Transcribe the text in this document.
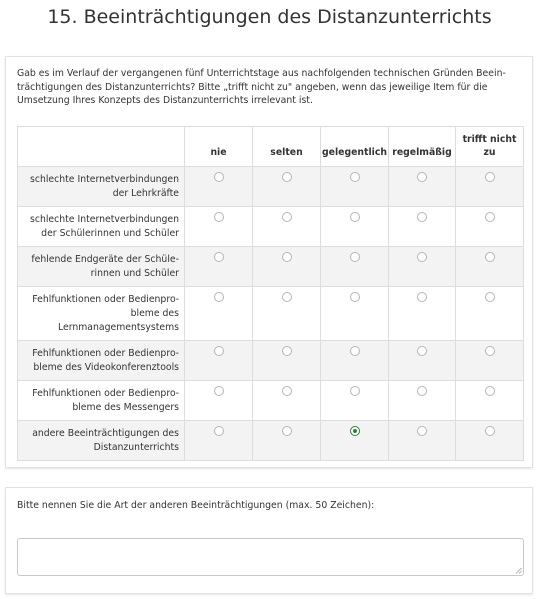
15. Beeinträchtigungen des Distanzunterrichts

Gab es im Verlauf der vergangenen fünf Unterrichtstage aus nachfolgenden technischen Gründen Beeinträchtigungen des Distanzunterrichts? Bitte „trifft nicht zu" angeben, wenn das jeweilige Item für die Umsetzung Ihres Konzepts des Distanzunterrichts irrelevant ist.

	nie	selten	gelegentlich	regelmäßig	trifft nicht zu
schlechte Internetverbindungen der Lehrkräfte					
schlechte Internetverbindungen der Schülerinnen und Schüler					
fehlende Endgeräte der Schülerinnen und Schüler					
Fehlfunktionen oder Bedienprobleme des Lernmanagementsystems					
Fehlfunktionen oder Bedienprobleme des Videokonferenztools					
Fehlfunktionen oder Bedienprobleme des Messengers					
andere Beeinträchtigungen des Distanzunterrichts					

Bitte nennen Sie die Art der anderen Beeinträchtigungen (max. 50 Zeichen):
